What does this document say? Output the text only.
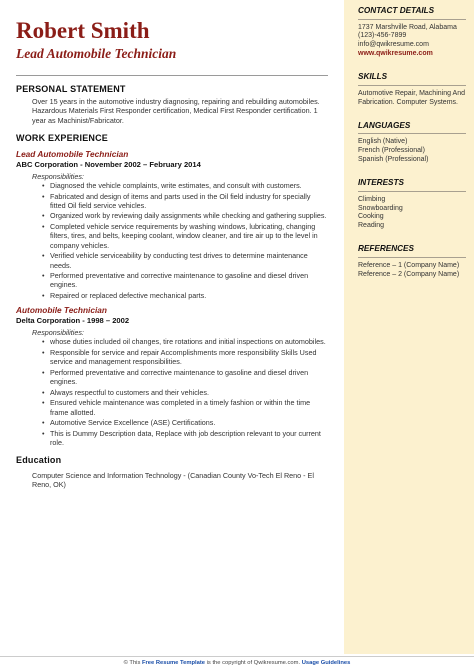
Robert Smith
Lead Automobile Technician
PERSONAL STATEMENT
Over 15 years in the automotive industry diagnosing, repairing and rebuilding automobiles. Hazardous Materials First Responder certification, Medical First Responder certification. 1 year as Machinist/Fabricator.
WORK EXPERIENCE
Lead Automobile Technician
ABC Corporation - November 2002 – February 2014
Responsibilities:
• Diagnosed the vehicle complaints, write estimates, and consult with customers.
• Fabricated and design of items and parts used in the Oil field industry for specially fitted Oil field service vehicles.
• Organized work by reviewing daily assignments while checking and gathering supplies.
• Completed vehicle service requirements by washing windows, lubricating, changing filters, tires, and belts, keeping coolant, window cleaner, and tire air up to the level in company vehicles.
• Verified vehicle serviceability by conducting test drives to determine maintenance needs.
• Performed preventative and corrective maintenance to gasoline and diesel driven engines.
• Repaired or replaced defective mechanical parts.
Automobile Technician
Delta Corporation - 1998 – 2002
Responsibilities:
• whose duties included oil changes, tire rotations and initial inspections on automobiles.
• Responsible for service and repair Accomplishments more responsibility Skills Used service and management responsibilities.
• Performed preventative and corrective maintenance to gasoline and diesel driven engines.
• Always respectful to customers and their vehicles.
• Ensured vehicle maintenance was completed in a timely fashion or within the time frame allotted.
• Automotive Service Excellence (ASE) Certifications.
• This is Dummy Description data, Replace with job description relevant to your current role.
Education
Computer Science and Information Technology - (Canadian County Vo-Tech El Reno - El Reno, OK)
CONTACT DETAILS
1737 Marshville Road, Alabama
(123)-456-7899
info@qwikresume.com
www.qwikresume.com
SKILLS
Automotive Repair, Machining And Fabrication. Computer Systems.
LANGUAGES
English (Native)
French (Professional)
Spanish (Professional)
INTERESTS
Climbing
Snowboarding
Cooking
Reading
REFERENCES
Reference – 1 (Company Name)
Reference – 2 (Company Name)
© This Free Resume Template is the copyright of Qwikresume.com. Usage Guidelines
